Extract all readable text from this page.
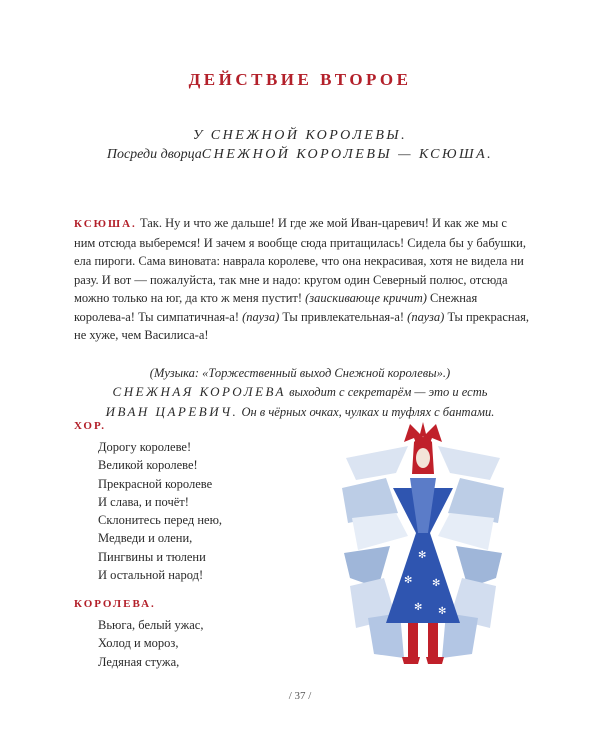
ДЕЙСТВИЕ ВТОРОЕ
У СНЕЖНОЙ КОРОЛЕВЫ.
Посреди дворцаСНЕЖНОЙ КОРОЛЕВЫ — КСЮША.
КСЮША. Так. Ну и что же дальше! И где же мой Иван-царевич! И как же мы с ним отсюда выберемся! И зачем я вообще сюда притащилась! Сидела бы у бабушки, ела пироги. Сама виновата: наврала королеве, что она некрасивая, хотя не видела ни разу. И вот — пожалуйста, так мне и надо: кругом один Северный полюс, отсюда можно только на юг, да кто ж меня пустит! (заискивающе кричит) Снежная королева-а! Ты симпатичная-а! (пауза) Ты привлекательная-а! (пауза) Ты прекрасная, не хуже, чем Василиса-а!
(Музыка: «Торжественный выход Снежной королевы».)
СНЕЖНАЯ КОРОЛЕВА выходит с секретарём — это и есть
ИВАН ЦАРЕВИЧ. Он в чёрных очках, чулках и туфлях с бантами.
ХОР.
Дорогу королеве!
Великой королеве!
Прекрасной королеве
И слава, и почёт!
Склонитесь перед нею,
Медведи и олени,
Пингвины и тюлени
И остальной народ!
КОРОЛЕВА.
Вьюга, белый ужас,
Холод и мороз,
Ледяная стужа,
✻
✻ ✻
✻ ✻
/ 37 /
